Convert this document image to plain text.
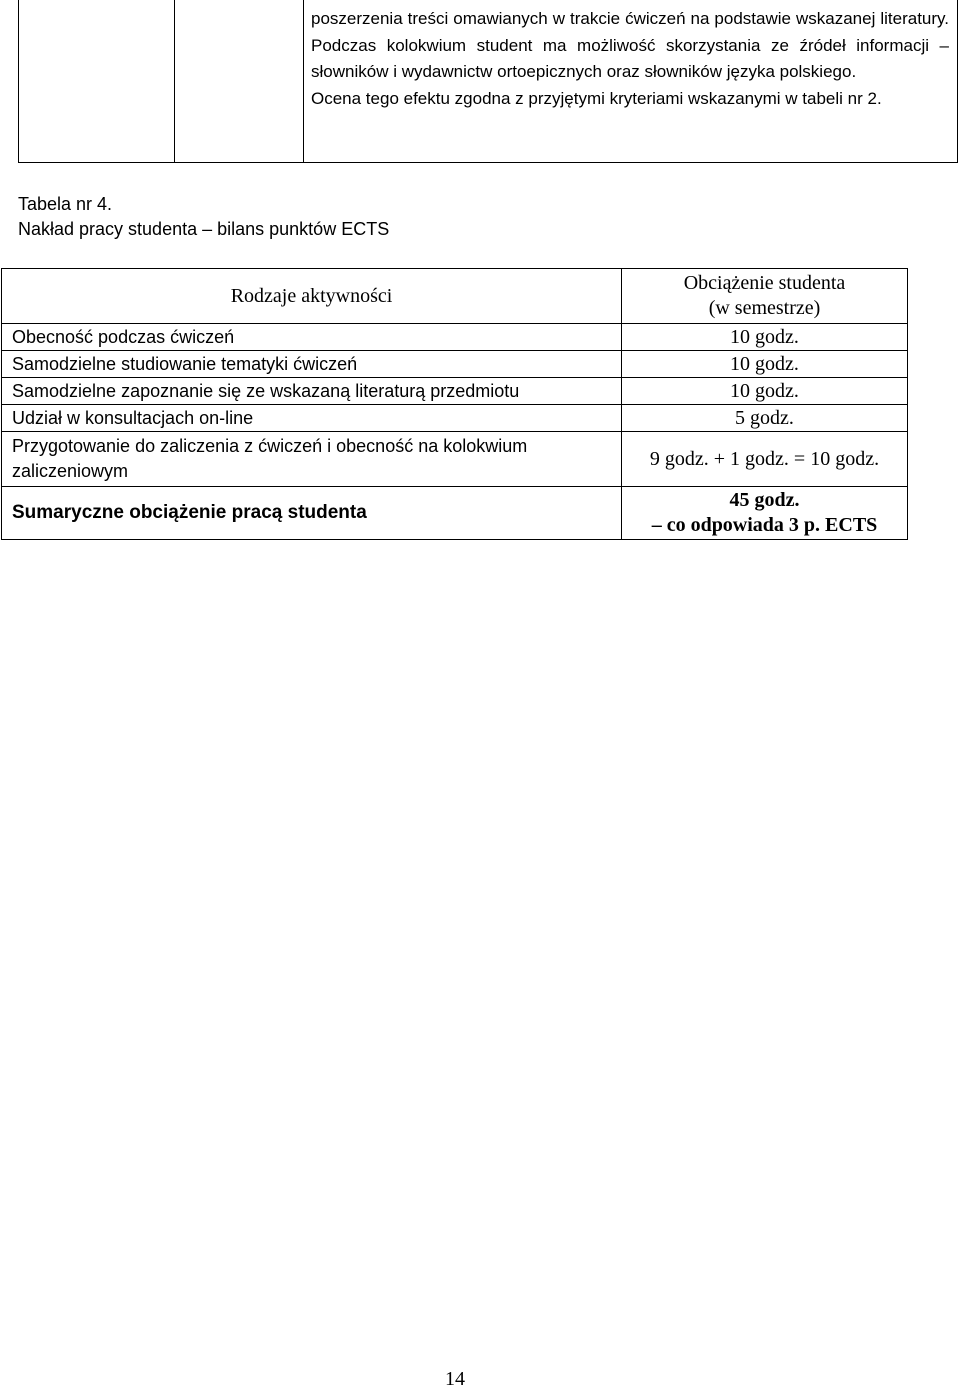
poszerzenia treści omawianych w trakcie ćwiczeń na podstawie wskazanej literatury. Podczas kolokwium student ma możliwość skorzystania ze źródeł informacji – słowników i wydawnictw ortoepicznych oraz słowników języka polskiego.

Ocena tego efektu zgodna z przyjętymi kryteriami wskazanymi w tabeli nr 2.

Tabela nr 4.
Nakład pracy studenta – bilans punktów ECTS
Rodzaje aktywności	Obciążenie studenta
(w semestrze)
Obecność podczas ćwiczeń	10 godz.
Samodzielne studiowanie tematyki ćwiczeń	10 godz.
Samodzielne zapoznanie się ze wskazaną literaturą przedmiotu	10 godz.
Udział w konsultacjach on-line	5 godz.
Przygotowanie do zaliczenia z ćwiczeń i obecność na kolokwium zaliczeniowym	9 godz. + 1 godz. = 10 godz.
Sumaryczne obciążenie pracą studenta	45 godz.
– co odpowiada 3 p. ECTS
14
